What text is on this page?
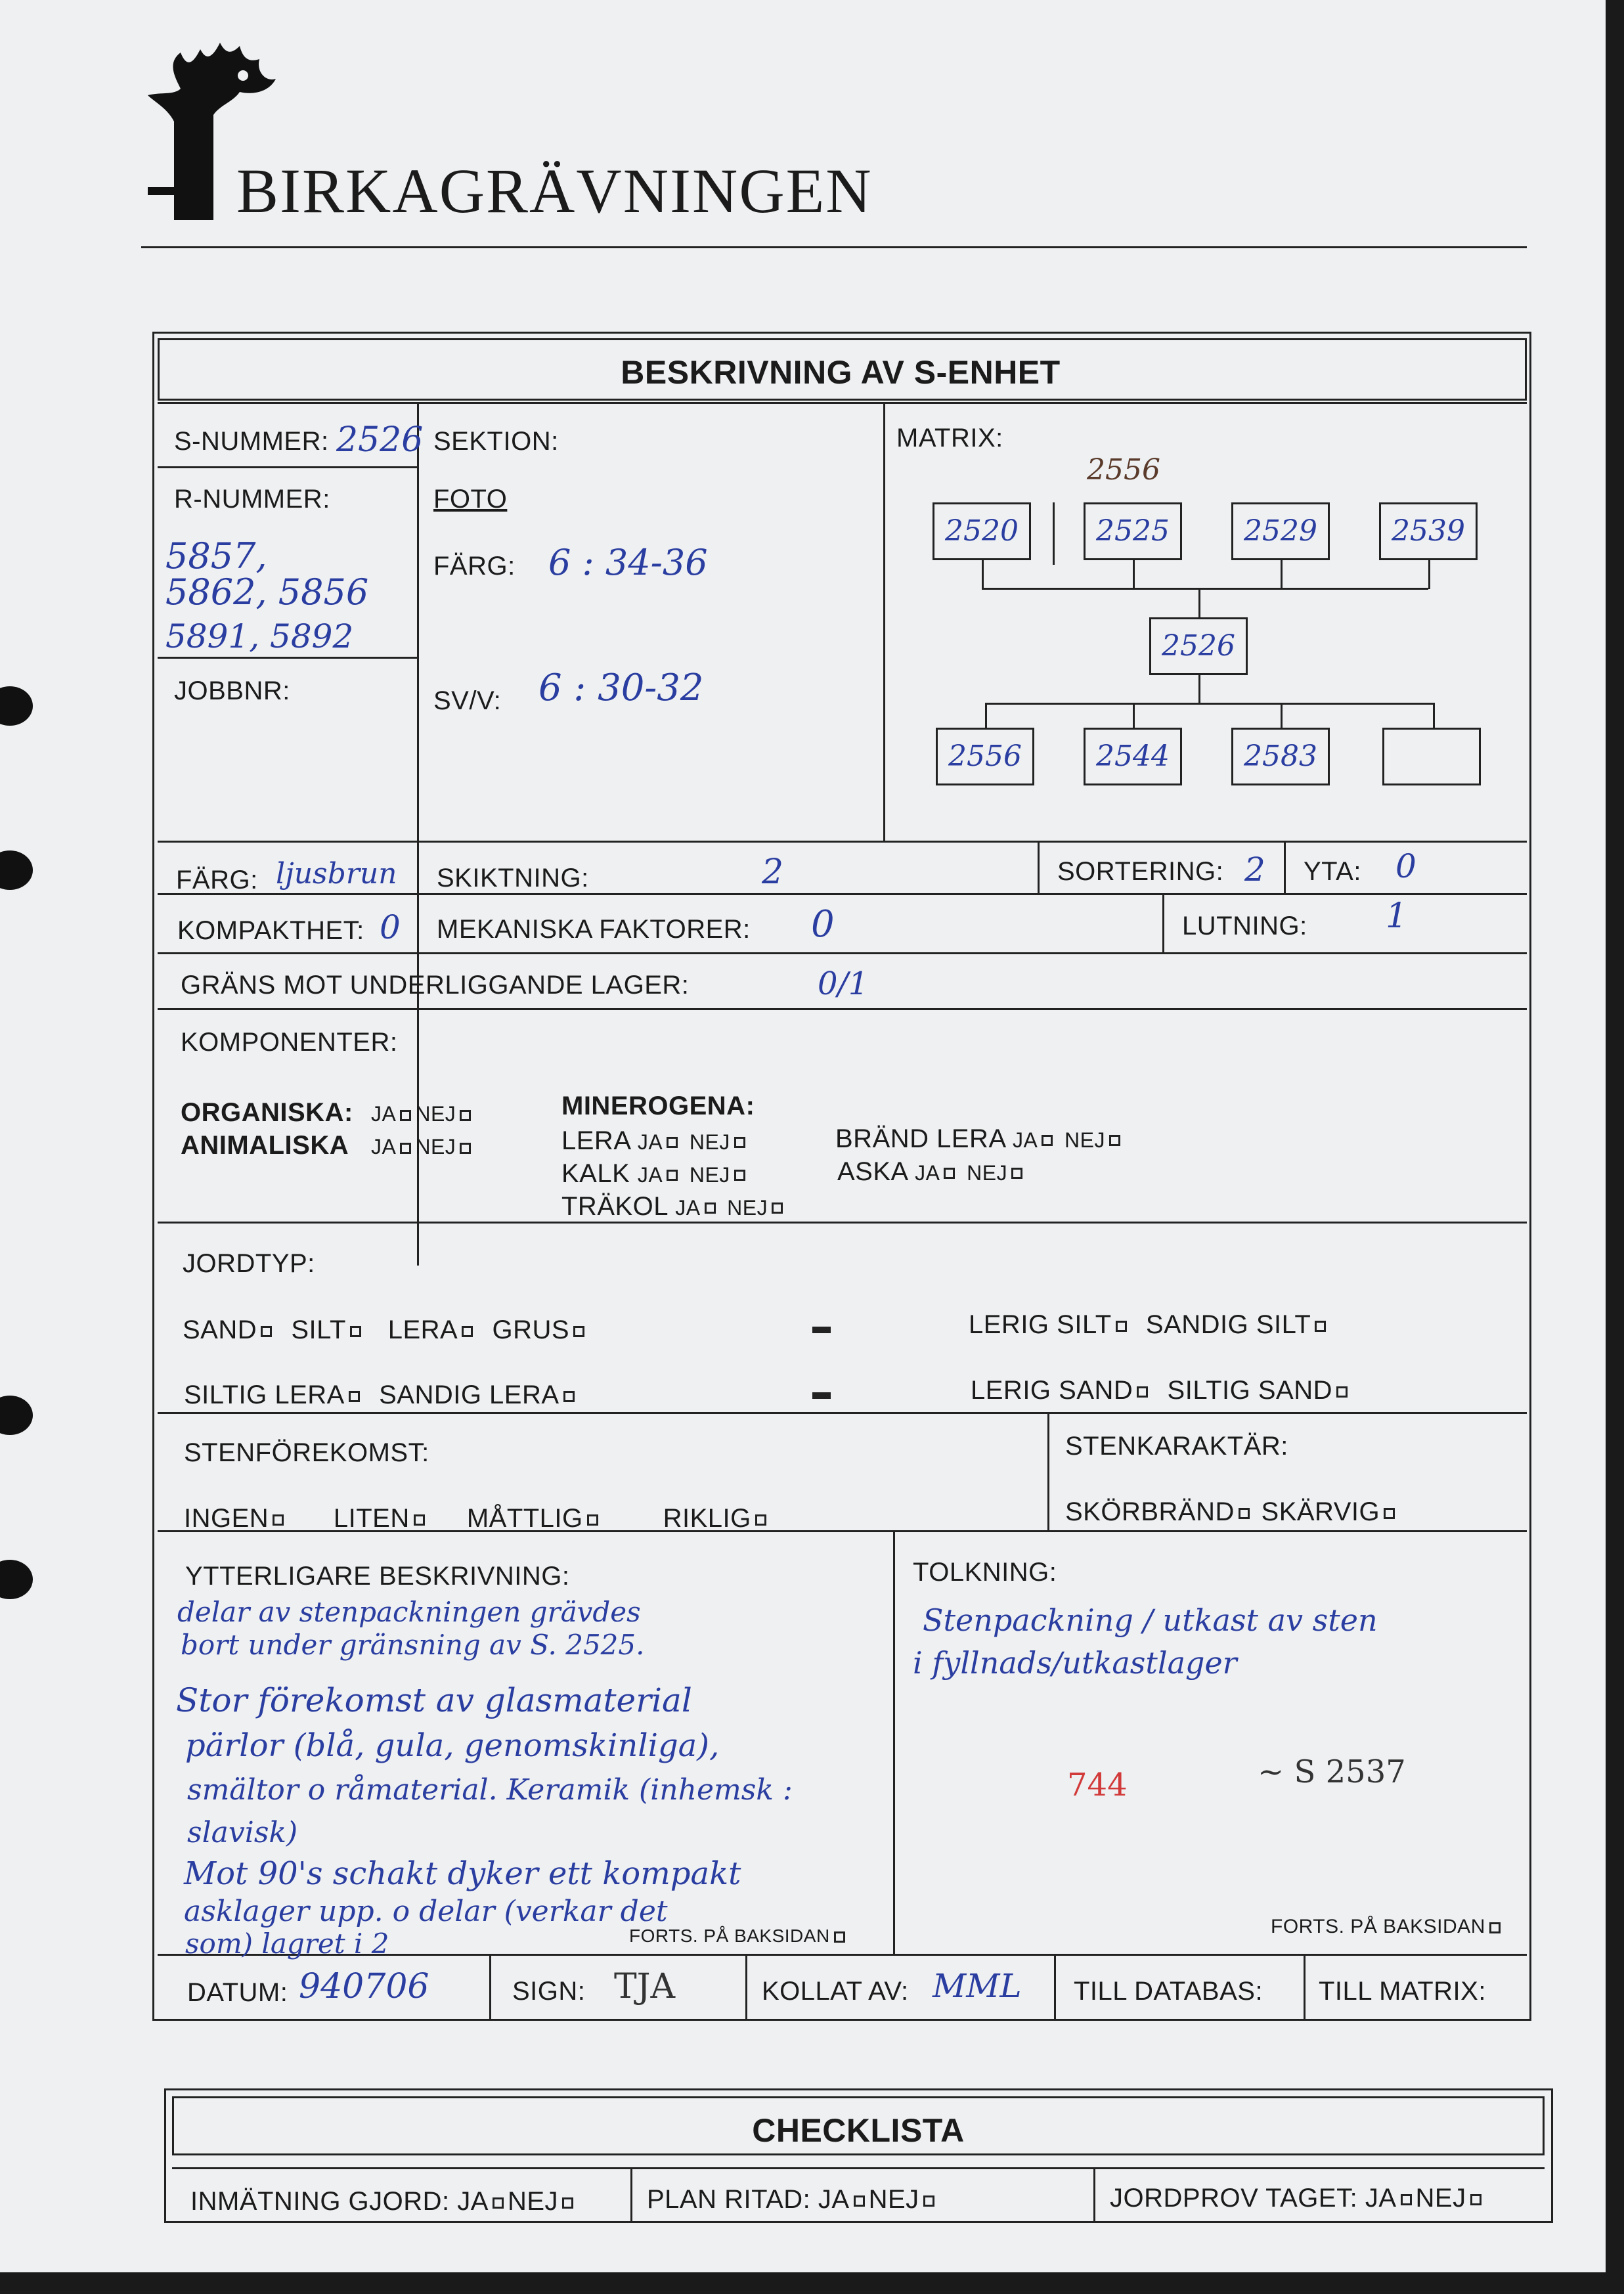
BIRKAGRÄVNINGEN
BESKRIVNING AV S-ENHET
S-NUMMER: 2526 SEKTION:	MATRIX:
2520	2525	2529	2539
2556
2526
2556	2544	2583
R-NUMMER:
5857,
5862, 5856
5891, 5892
FOTO
FÄRG: 6 : 34-36
JOBBNR:	SV/V: 6 : 30-32
FÄRG: ljusbrun SKIKTNING:	2	SORTERING: 2 YTA: 0
KOMPAKTHET: 0 MEKANISKA FAKTORER: 0	LUTNING: 1
GRÄNS MOT UNDERLIGGANDE LAGER:	0/1
KOMPONENTER:
ORGANISKA: JA NEJ
ANIMALISKA JA NEJ
MINEROGENA:
LERA JA NEJ	BRÄND LERA JA NEJ
KALK JA NEJ	ASKA JA NEJ
TRÄKOL JA NEJ
JORDTYP:
SAND SILT LERA GRUS	LERIG SILT SANDIG SILT
SILTIG LERA SANDIG LERA	LERIG SAND SILTIG SAND
STENFÖREKOMST:
INGEN LITEN MÅTTLIG	RIKLIG
STENKARAKTÄR:
SKÖRBRÄND SKÄRVIG
YTTERLIGARE BESKRIVNING:
delar av stenpackningen grävdes
bort under gränsning av S. 2525.
Stor förekomst av glasmaterial
pärlor (blå, gula, genomskinliga),
smältor o råmaterial. Keramik (inhemsk :
slavisk)
Mot 90's schakt dyker ett kompakt
asklager upp. o delar (verkar det
som) lagret i 2	FORTS. PÅ BAKSIDAN
TOLKNING:
Stenpackning / utkast av sten
i fyllnads/utkastlager
744	~ S 2537
FORTS. PÅ BAKSIDAN
DATUM: 940706	SIGN: TJA	KOLLAT AV: MML TILL DATABAS: TILL MATRIX:
CHECKLISTA
INMÄTNING GJORD: JA NEJ	PLAN RITAD: JA NEJ	JORDPROV TAGET: JA NEJ
